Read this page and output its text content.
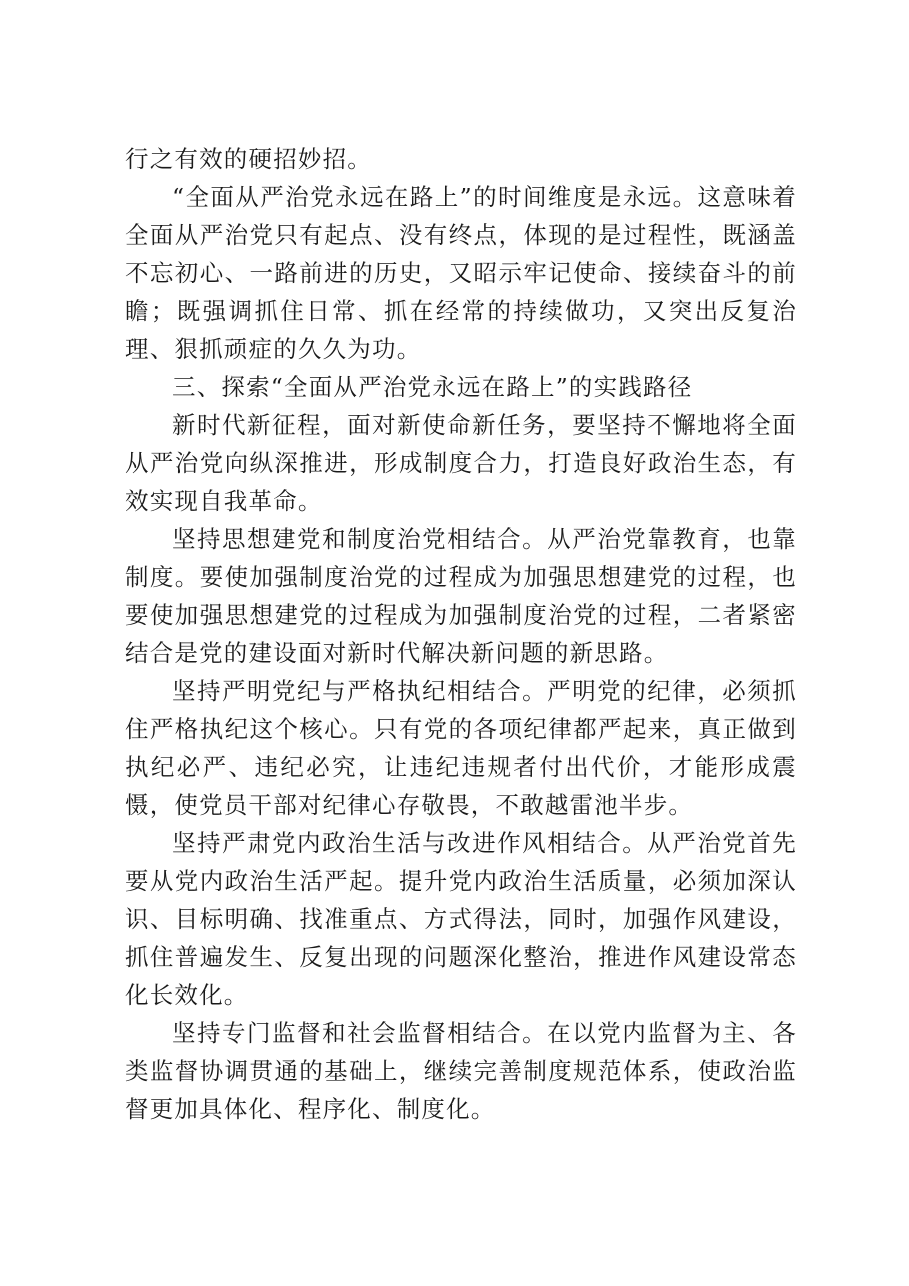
行之有效的硬招妙招。

“全面从严治党永远在路上”的时间维度是永远。这意味着全面从严治党只有起点、没有终点，体现的是过程性，既涵盖不忘初心、一路前进的历史，又昭示牢记使命、接续奋斗的前瞻；既强调抓住日常、抓在经常的持续做功，又突出反复治理、狠抓顽症的久久为功。

三、探索“全面从严治党永远在路上”的实践路径

新时代新征程，面对新使命新任务，要坚持不懈地将全面从严治党向纵深推进，形成制度合力，打造良好政治生态，有效实现自我革命。

坚持思想建党和制度治党相结合。从严治党靠教育，也靠制度。要使加强制度治党的过程成为加强思想建党的过程，也要使加强思想建党的过程成为加强制度治党的过程，二者紧密结合是党的建设面对新时代解决新问题的新思路。

坚持严明党纪与严格执纪相结合。严明党的纪律，必须抓住严格执纪这个核心。只有党的各项纪律都严起来，真正做到执纪必严、违纪必究，让违纪违规者付出代价，才能形成震慑，使党员干部对纪律心存敬畏，不敢越雷池半步。

坚持严肃党内政治生活与改进作风相结合。从严治党首先要从党内政治生活严起。提升党内政治生活质量，必须加深认识、目标明确、找准重点、方式得法，同时，加强作风建设，抓住普遍发生、反复出现的问题深化整治，推进作风建设常态化长效化。

坚持专门监督和社会监督相结合。在以党内监督为主、各类监督协调贯通的基础上，继续完善制度规范体系，使政治监督更加具体化、程序化、制度化。
